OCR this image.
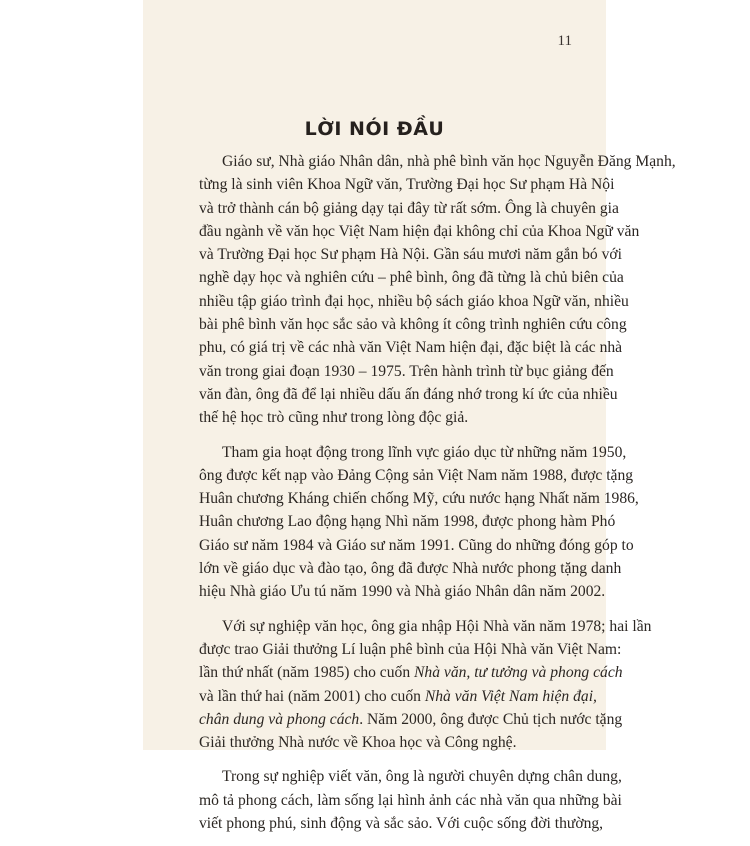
11
LỜI NÓI ĐẦU

Giáo sư, Nhà giáo Nhân dân, nhà phê bình văn học Nguyễn Đăng Mạnh,
từng là sinh viên Khoa Ngữ văn, Trường Đại học Sư phạm Hà Nội
và trở thành cán bộ giảng dạy tại đây từ rất sớm. Ông là chuyên gia
đầu ngành về văn học Việt Nam hiện đại không chỉ của Khoa Ngữ văn
và Trường Đại học Sư phạm Hà Nội. Gần sáu mươi năm gắn bó với
nghề dạy học và nghiên cứu – phê bình, ông đã từng là chủ biên của
nhiều tập giáo trình đại học, nhiều bộ sách giáo khoa Ngữ văn, nhiều
bài phê bình văn học sắc sảo và không ít công trình nghiên cứu công
phu, có giá trị về các nhà văn Việt Nam hiện đại, đặc biệt là các nhà
văn trong giai đoạn 1930 – 1975. Trên hành trình từ bục giảng đến
văn đàn, ông đã để lại nhiều dấu ấn đáng nhớ trong kí ức của nhiều
thế hệ học trò cũng như trong lòng độc giả.

Tham gia hoạt động trong lĩnh vực giáo dục từ những năm 1950,
ông được kết nạp vào Đảng Cộng sản Việt Nam năm 1988, được tặng
Huân chương Kháng chiến chống Mỹ, cứu nước hạng Nhất năm 1986,
Huân chương Lao động hạng Nhì năm 1998, được phong hàm Phó
Giáo sư năm 1984 và Giáo sư năm 1991. Cũng do những đóng góp to
lớn về giáo dục và đào tạo, ông đã được Nhà nước phong tặng danh
hiệu Nhà giáo Ưu tú năm 1990 và Nhà giáo Nhân dân năm 2002.

Với sự nghiệp văn học, ông gia nhập Hội Nhà văn năm 1978; hai lần
được trao Giải thưởng Lí luận phê bình của Hội Nhà văn Việt Nam:
lần thứ nhất (năm 1985) cho cuốn Nhà văn, tư tưởng và phong cách
và lần thứ hai (năm 2001) cho cuốn Nhà văn Việt Nam hiện đại,
chân dung và phong cách. Năm 2000, ông được Chủ tịch nước tặng
Giải thưởng Nhà nước về Khoa học và Công nghệ.

Trong sự nghiệp viết văn, ông là người chuyên dựng chân dung,
mô tả phong cách, làm sống lại hình ảnh các nhà văn qua những bài
viết phong phú, sinh động và sắc sảo. Với cuộc sống đời thường,
